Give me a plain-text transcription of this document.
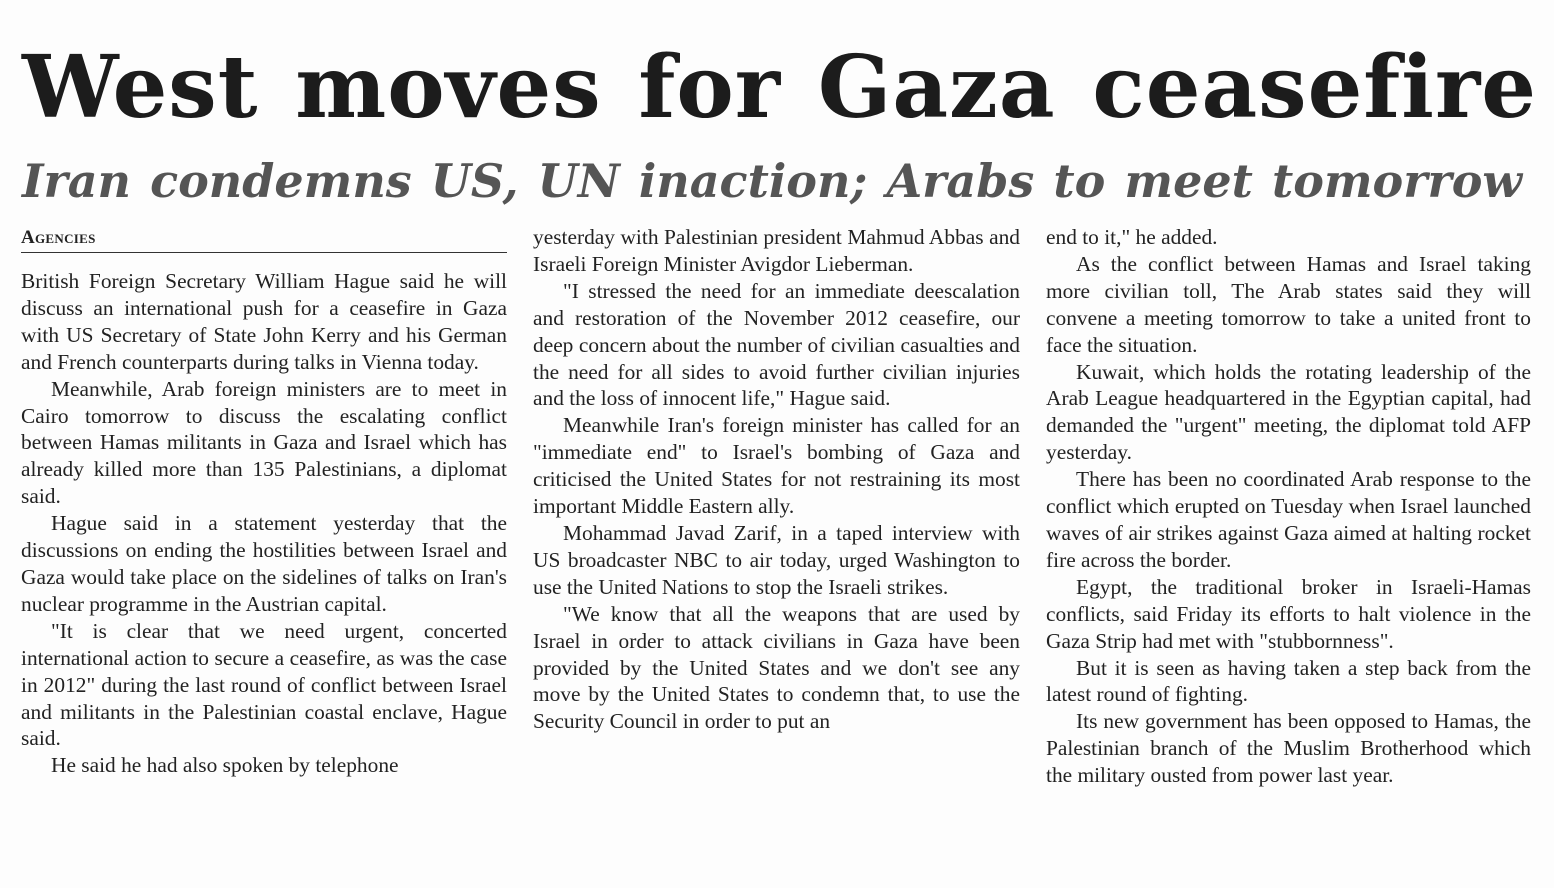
West moves for Gaza ceasefire
Iran condemns US, UN inaction; Arabs to meet tomorrow
Agencies

British Foreign Secretary William Hague said he will discuss an international push for a ceasefire in Gaza with US Secretary of State John Kerry and his German and French counterparts during talks in Vienna today.

Meanwhile, Arab foreign ministers are to meet in Cairo tomorrow to discuss the escalating conflict between Hamas militants in Gaza and Israel which has already killed more than 135 Palestinians, a diplomat said.

Hague said in a statement yesterday that the discussions on ending the hostilities between Israel and Gaza would take place on the sidelines of talks on Iran's nuclear programme in the Austrian capital.

"It is clear that we need urgent, concerted international action to secure a ceasefire, as was the case in 2012" during the last round of conflict between Israel and militants in the Palestinian coastal enclave, Hague said.

He said he had also spoken by telephone

yesterday with Palestinian president Mahmud Abbas and Israeli Foreign Minister Avigdor Lieberman.

"I stressed the need for an immediate deescalation and restoration of the November 2012 ceasefire, our deep concern about the number of civilian casualties and the need for all sides to avoid further civilian injuries and the loss of innocent life," Hague said.

Meanwhile Iran's foreign minister has called for an "immediate end" to Israel's bombing of Gaza and criticised the United States for not restraining its most important Middle Eastern ally.

Mohammad Javad Zarif, in a taped interview with US broadcaster NBC to air today, urged Washington to use the United Nations to stop the Israeli strikes.

"We know that all the weapons that are used by Israel in order to attack civilians in Gaza have been provided by the United States and we don't see any move by the United States to condemn that, to use the Security Council in order to put an

end to it," he added.

As the conflict between Hamas and Israel taking more civilian toll, The Arab states said they will convene a meeting tomorrow to take a united front to face the situation.

Kuwait, which holds the rotating leadership of the Arab League headquartered in the Egyptian capital, had demanded the "urgent" meeting, the diplomat told AFP yesterday.

There has been no coordinated Arab response to the conflict which erupted on Tuesday when Israel launched waves of air strikes against Gaza aimed at halting rocket fire across the border.

Egypt, the traditional broker in Israeli-Hamas conflicts, said Friday its efforts to halt violence in the Gaza Strip had met with "stubbornness".

But it is seen as having taken a step back from the latest round of fighting.

Its new government has been opposed to Hamas, the Palestinian branch of the Muslim Brotherhood which the military ousted from power last year.
